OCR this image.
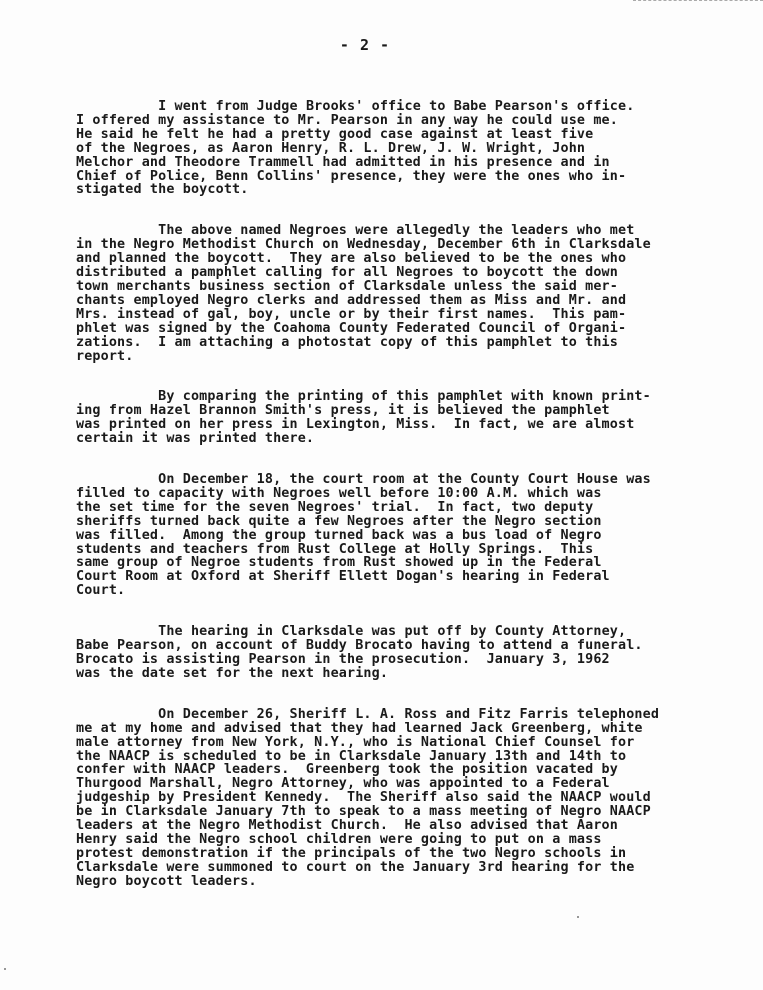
- 2 -

I went from Judge Brooks' office to Babe Pearson's office.
I offered my assistance to Mr. Pearson in any way he could use me.
He said he felt he had a pretty good case against at least five
of the Negroes, as Aaron Henry, R. L. Drew, J. W. Wright, John
Melchor and Theodore Trammell had admitted in his presence and in
Chief of Police, Benn Collins' presence, they were the ones who in-
stigated the boycott.

The above named Negroes were allegedly the leaders who met
in the Negro Methodist Church on Wednesday, December 6th in Clarksdale
and planned the boycott.  They are also believed to be the ones who
distributed a pamphlet calling for all Negroes to boycott the down
town merchants business section of Clarksdale unless the said mer-
chants employed Negro clerks and addressed them as Miss and Mr. and
Mrs. instead of gal, boy, uncle or by their first names.  This pam-
phlet was signed by the Coahoma County Federated Council of Organi-
zations.  I am attaching a photostat copy of this pamphlet to this
report.

By comparing the printing of this pamphlet with known print-
ing from Hazel Brannon Smith's press, it is believed the pamphlet
was printed on her press in Lexington, Miss.  In fact, we are almost
certain it was printed there.

On December 18, the court room at the County Court House was
filled to capacity with Negroes well before 10:00 A.M. which was
the set time for the seven Negroes' trial.  In fact, two deputy
sheriffs turned back quite a few Negroes after the Negro section
was filled.  Among the group turned back was a bus load of Negro
students and teachers from Rust College at Holly Springs.  This
same group of Negroe students from Rust showed up in the Federal
Court Room at Oxford at Sheriff Ellett Dogan's hearing in Federal
Court.

The hearing in Clarksdale was put off by County Attorney,
Babe Pearson, on account of Buddy Brocato having to attend a funeral.
Brocato is assisting Pearson in the prosecution.  January 3, 1962
was the date set for the next hearing.

On December 26, Sheriff L. A. Ross and Fitz Farris telephoned
me at my home and advised that they had learned Jack Greenberg, white
male attorney from New York, N.Y., who is National Chief Counsel for
the NAACP is scheduled to be in Clarksdale January 13th and 14th to
confer with NAACP leaders.  Greenberg took the position vacated by
Thurgood Marshall, Negro Attorney, who was appointed to a Federal
judgeship by President Kennedy.  The Sheriff also said the NAACP would
be in Clarksdale January 7th to speak to a mass meeting of Negro NAACP
leaders at the Negro Methodist Church.  He also advised that Aaron
Henry said the Negro school children were going to put on a mass
protest demonstration if the principals of the two Negro schools in
Clarksdale were summoned to court on the January 3rd hearing for the
Negro boycott leaders.
